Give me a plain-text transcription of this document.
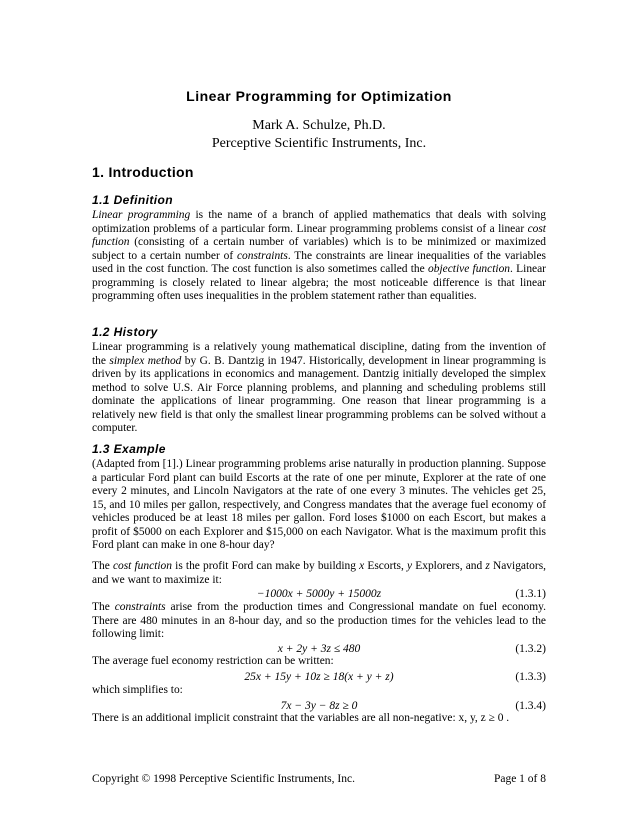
Linear Programming for Optimization
Mark A. Schulze, Ph.D.
Perceptive Scientific Instruments, Inc.
1. Introduction
1.1 Definition
Linear programming is the name of a branch of applied mathematics that deals with solving optimization problems of a particular form. Linear programming problems consist of a linear cost function (consisting of a certain number of variables) which is to be minimized or maximized subject to a certain number of constraints. The constraints are linear inequalities of the variables used in the cost function. The cost function is also sometimes called the objective function. Linear programming is closely related to linear algebra; the most noticeable difference is that linear programming often uses inequalities in the problem statement rather than equalities.
1.2 History
Linear programming is a relatively young mathematical discipline, dating from the invention of the simplex method by G. B. Dantzig in 1947. Historically, development in linear programming is driven by its applications in economics and management. Dantzig initially developed the simplex method to solve U.S. Air Force planning problems, and planning and scheduling problems still dominate the applications of linear programming. One reason that linear programming is a relatively new field is that only the smallest linear programming problems can be solved without a computer.
1.3 Example
(Adapted from [1].) Linear programming problems arise naturally in production planning. Suppose a particular Ford plant can build Escorts at the rate of one per minute, Explorer at the rate of one every 2 minutes, and Lincoln Navigators at the rate of one every 3 minutes. The vehicles get 25, 15, and 10 miles per gallon, respectively, and Congress mandates that the average fuel economy of vehicles produced be at least 18 miles per gallon. Ford loses $1000 on each Escort, but makes a profit of $5000 on each Explorer and $15,000 on each Navigator. What is the maximum profit this Ford plant can make in one 8-hour day?
The cost function is the profit Ford can make by building x Escorts, y Explorers, and z Navigators, and we want to maximize it:
−1000x + 5000y + 15000z	(1.3.1)
The constraints arise from the production times and Congressional mandate on fuel economy. There are 480 minutes in an 8-hour day, and so the production times for the vehicles lead to the following limit:
x + 2y + 3z ≤ 480	(1.3.2)
The average fuel economy restriction can be written:
25x + 15y + 10z ≥ 18(x + y + z)	(1.3.3)
which simplifies to:
7x − 3y − 8z ≥ 0	(1.3.4)
There is an additional implicit constraint that the variables are all non-negative: x, y, z ≥ 0 .
Copyright © 1998 Perceptive Scientific Instruments, Inc.	Page 1 of 8
